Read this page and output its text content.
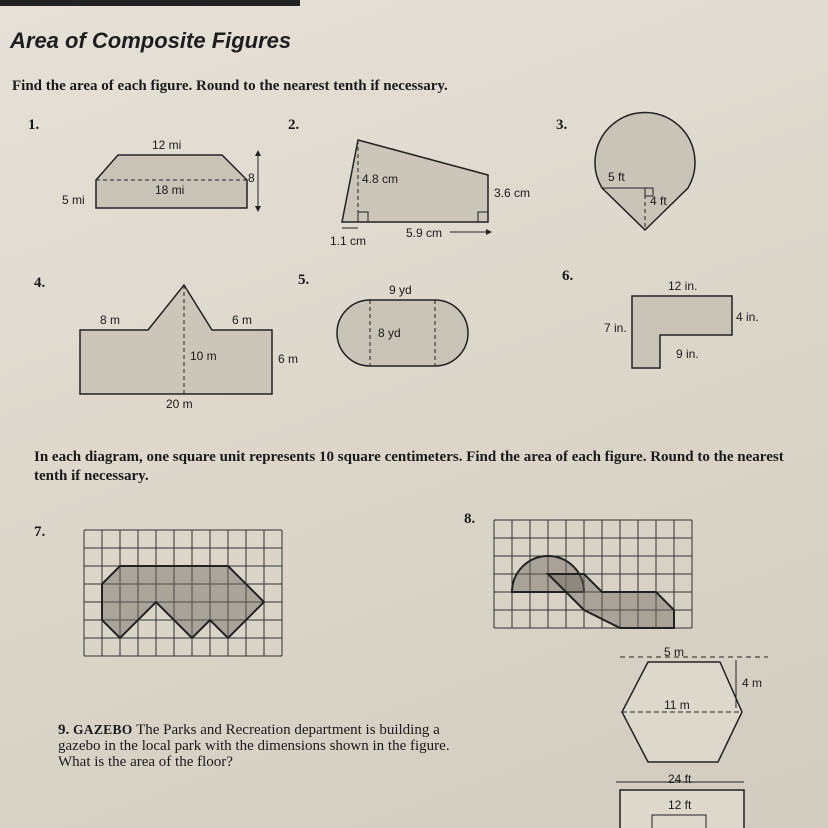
Area of Composite Figures
Find the area of each figure. Round to the nearest tenth if necessary.
1.
12 mi
18 mi
5 mi
8
2.
4.8 cm
3.6 cm
1.1 cm
5.9 cm
3.
5 ft
4 ft
4.
8 m	6 m
10 m	6 m
20 m
5.
9 yd
8 yd
6.
12 in.
7 in.
4 in.
9 in.
In each diagram, one square unit represents 10 square centimeters. Find the area of each figure. Round to the nearest tenth if necessary.
7.
8.
5 m
4 m
11 m
9. GAZEBO The Parks and Recreation department is building a gazebo in the local park with the dimensions shown in the figure. What is the area of the floor?
24 ft
12 ft
